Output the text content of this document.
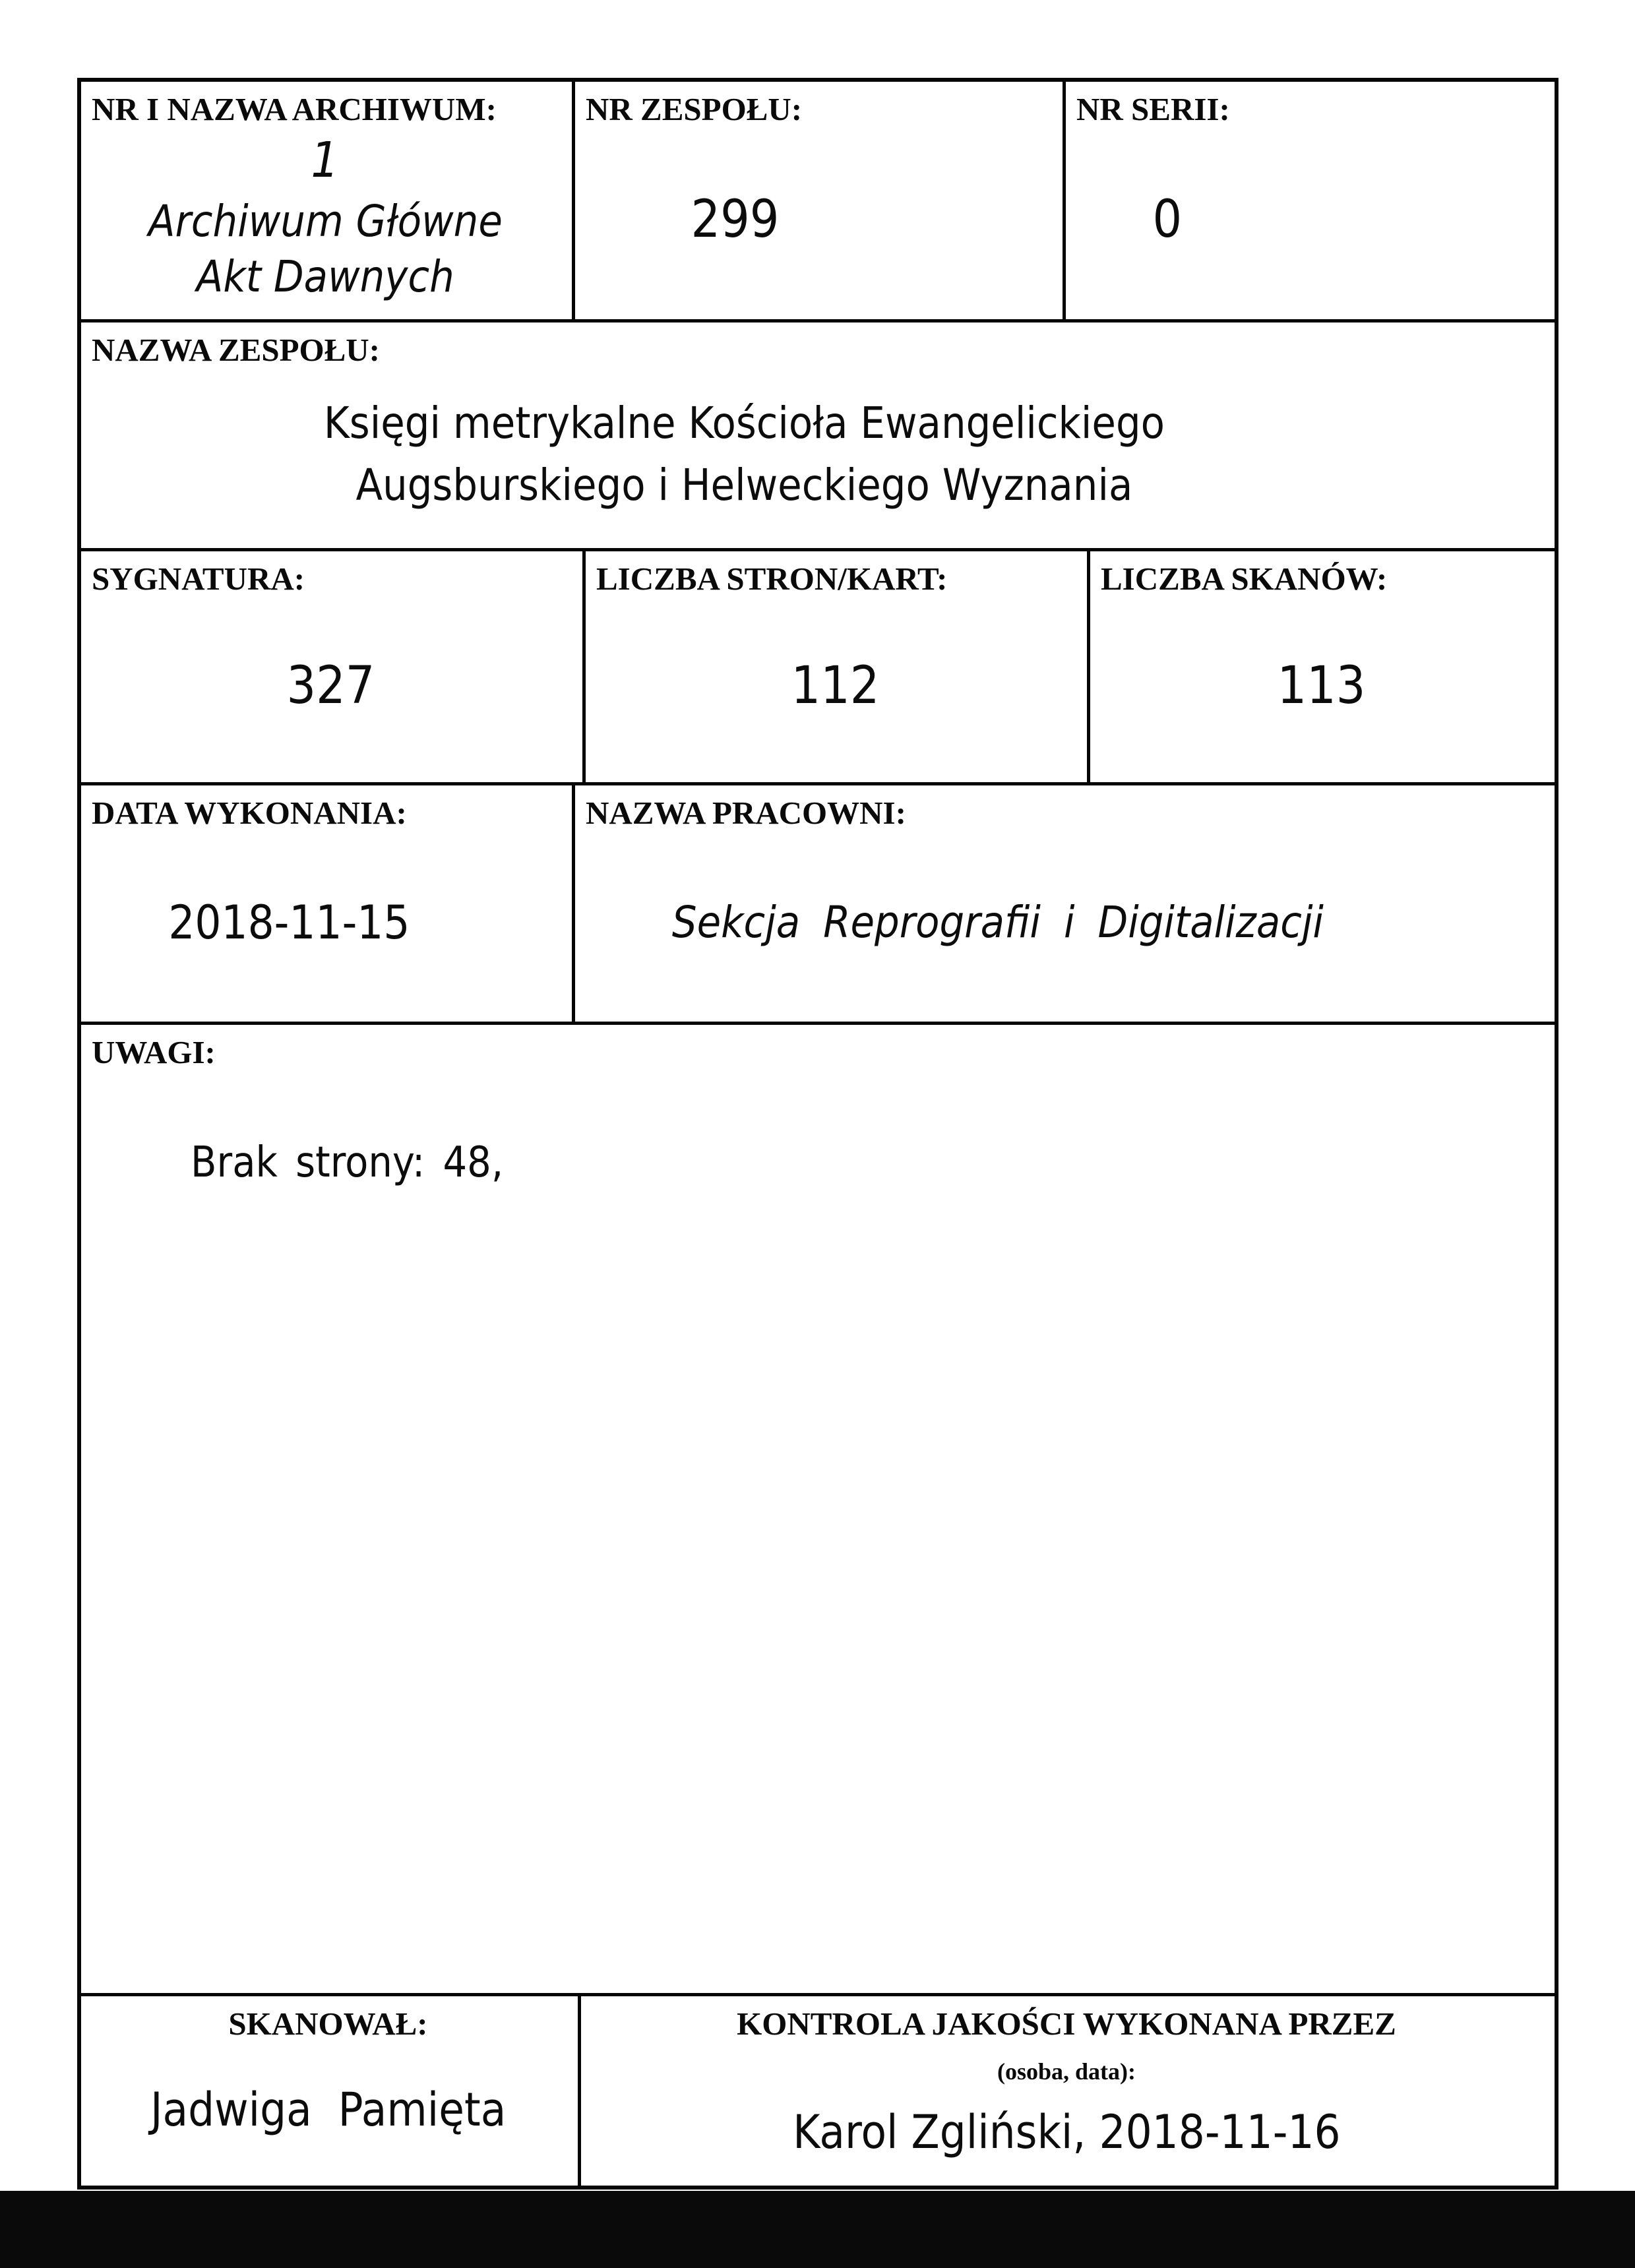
NR I NAZWA ARCHIWUM:
1
Archiwum Główne
Akt Dawnych
NR ZESPOŁU:
299
NR SERII:
0
NAZWA ZESPOŁU:
Księgi metrykalne Kościoła Ewangelickiego
Augsburskiego i Helweckiego Wyznania
SYGNATURA:
327
LICZBA STRON/KART:
112
LICZBA SKANÓW:
113
DATA WYKONANIA:
2018-11-15
NAZWA PRACOWNI:
Sekcja Reprografii i Digitalizacji
UWAGI:
Brak strony: 48,
SKANOWAŁ:
Jadwiga Pamięta
KONTROLA JAKOŚCI WYKONANA PRZEZ
(osoba, data):
Karol Zgliński, 2018-11-16
